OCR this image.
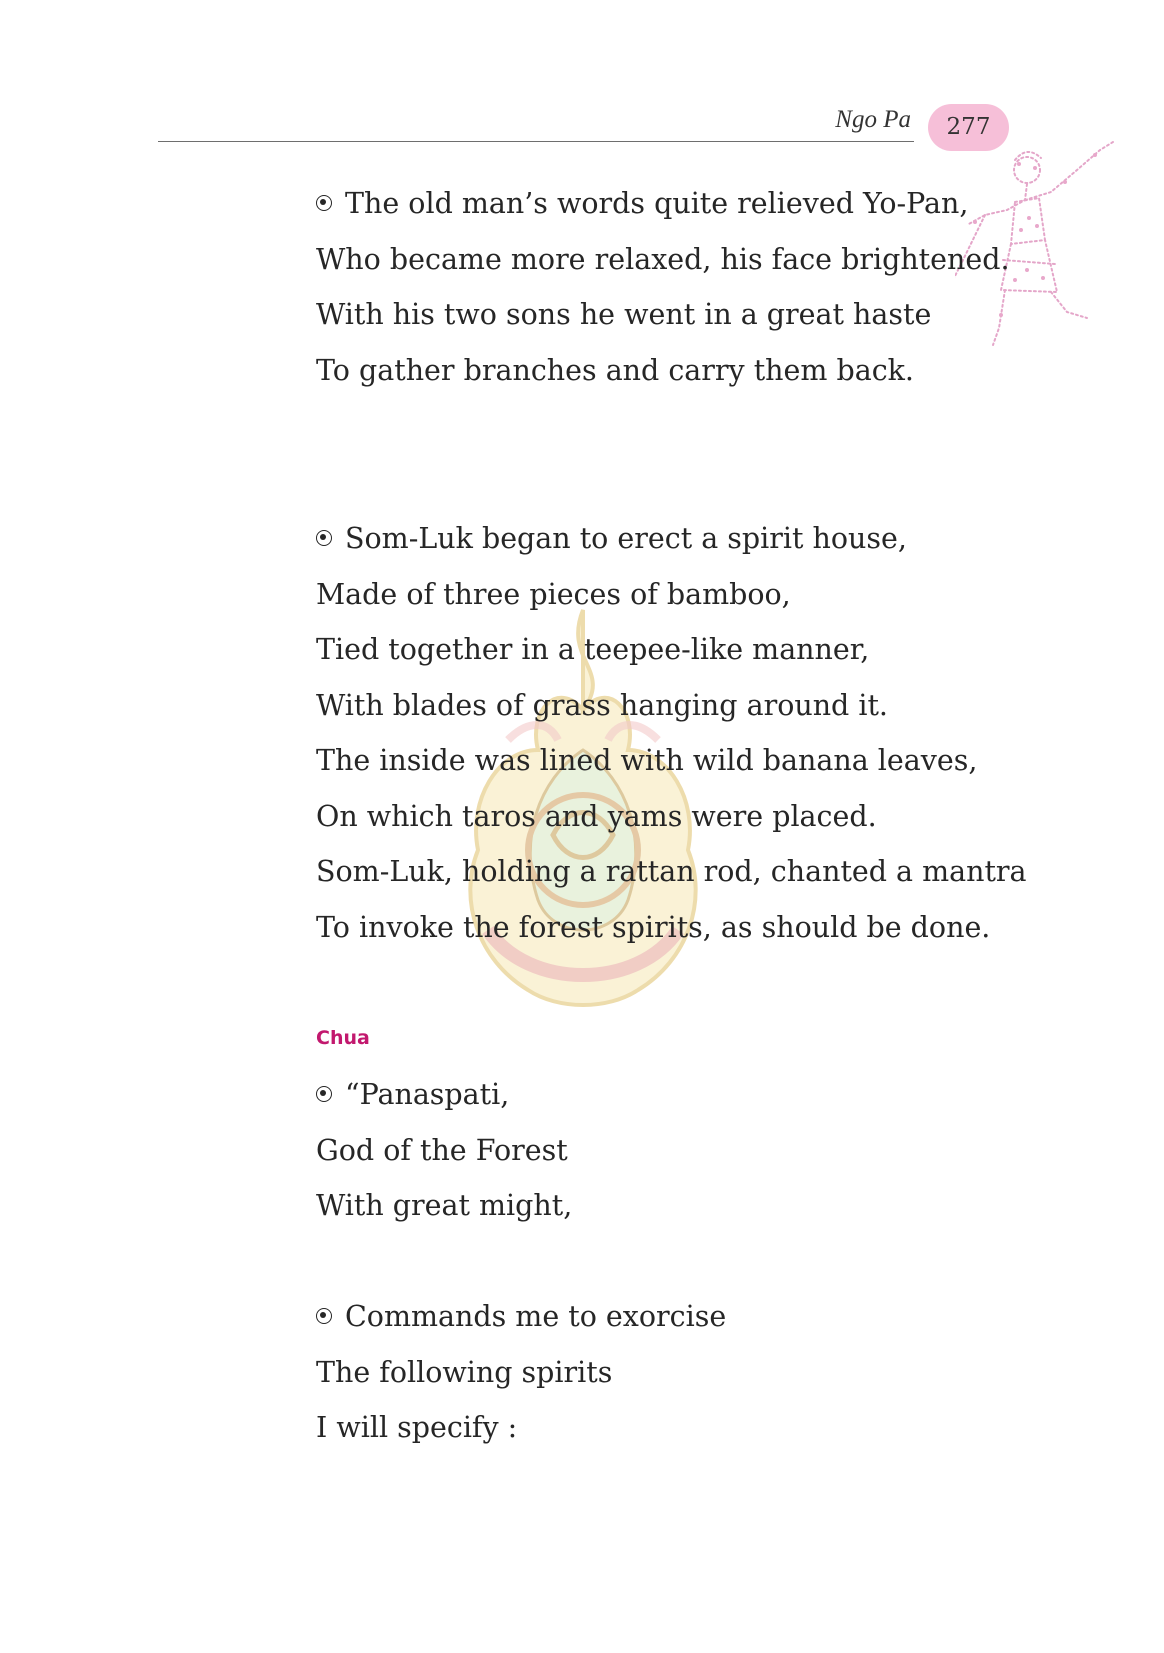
Ngo Pa	277
The old man’s words quite relieved Yo-Pan,
Who became more relaxed, his face brightened.
With his two sons he went in a great haste
To gather branches and carry them back.
Som-Luk began to erect a spirit house,
Made of three pieces of bamboo,
Tied together in a teepee-like manner,
With blades of grass hanging around it.
The inside was lined with wild banana leaves,
On which taros and yams were placed.
Som-Luk, holding a rattan rod, chanted a mantra
To invoke the forest spirits, as should be done.
Chua
“Panaspati,
God of the Forest
With great might,
Commands me to exorcise
The following spirits
I will specify :
